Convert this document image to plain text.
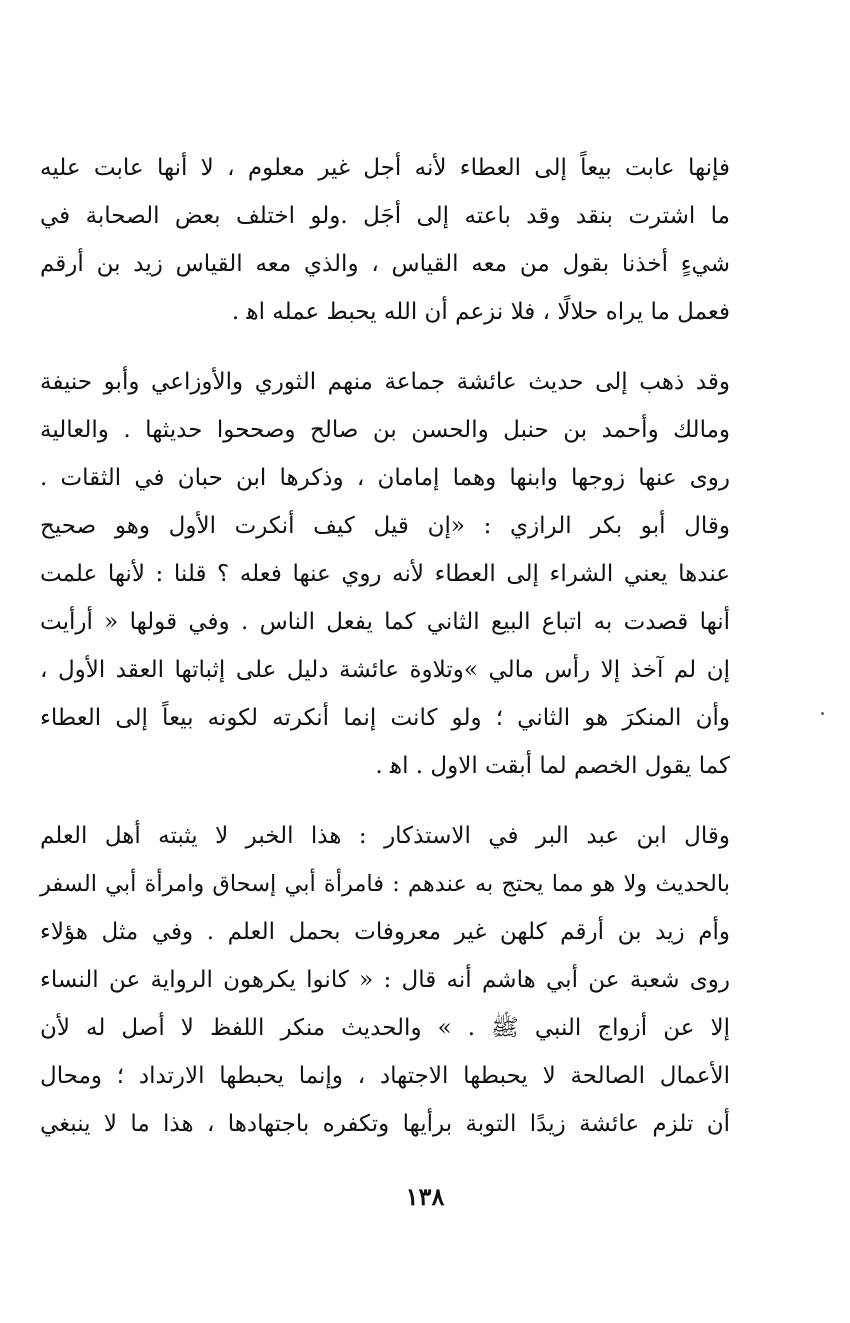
فإنها عابت بيعاً إلى العطاء لأنه أجل غير معلوم ، لا أنها عابت عليه
ما اشترت بنقد وقد باعته إلى أجَل .ولو اختلف بعض الصحابة في
شيءٍ أخذنا بقول من معه القياس ، والذي معه القياس زيد بن أرقم
فعمل ما يراه حلالًا ، فلا نزعم أن الله يحبط عمله اﻫ .
وقد ذهب إلى حديث عائشة جماعة منهم الثوري والأوزاعي وأبو حنيفة
ومالك وأحمد بن حنبل والحسن بن صالح وصححوا حديثها . والعالية
روى عنها زوجها وابنها وهما إمامان ، وذكرها ابن حبان في الثقات .
وقال أبو بكر الرازي : «إن قيل كيف أنكرت الأول وهو صحيح
عندها يعني الشراء إلى العطاء لأنه روي عنها فعله ؟ قلنا : لأنها علمت
أنها قصدت به اتباع البيع الثاني كما يفعل الناس . وفي قولها « أرأيت
إن لم آخذ إلا رأس مالي »وتلاوة عائشة دليل على إثباتها العقد الأول ،
وأن المنكرَ هو الثاني ؛ ولو كانت إنما أنكرته لكونه بيعاً إلى العطاء
كما يقول الخصم لما أبقت الاول . اﻫ .
وقال ابن عبد البر في الاستذكار : هذا الخبر لا يثبته أهل العلم
بالحديث ولا هو مما يحتج به عندهم : فامرأة أبي إسحاق وامرأة أبي السفر
وأم زيد بن أرقم كلهن غير معروفات بحمل العلم . وفي مثل هؤلاء
روى شعبة عن أبي هاشم أنه قال : « كانوا يكرهون الرواية عن النساء
إلا عن أزواج النبي ﷺ . » والحديث منكر اللفظ لا أصل له لأن
الأعمال الصالحة لا يحبطها الاجتهاد ، وإنما يحبطها الارتداد ؛ ومحال
أن تلزم عائشة زيدًا التوبة برأيها وتكفره باجتهادها ، هذا ما لا ينبغي
١٣٨
